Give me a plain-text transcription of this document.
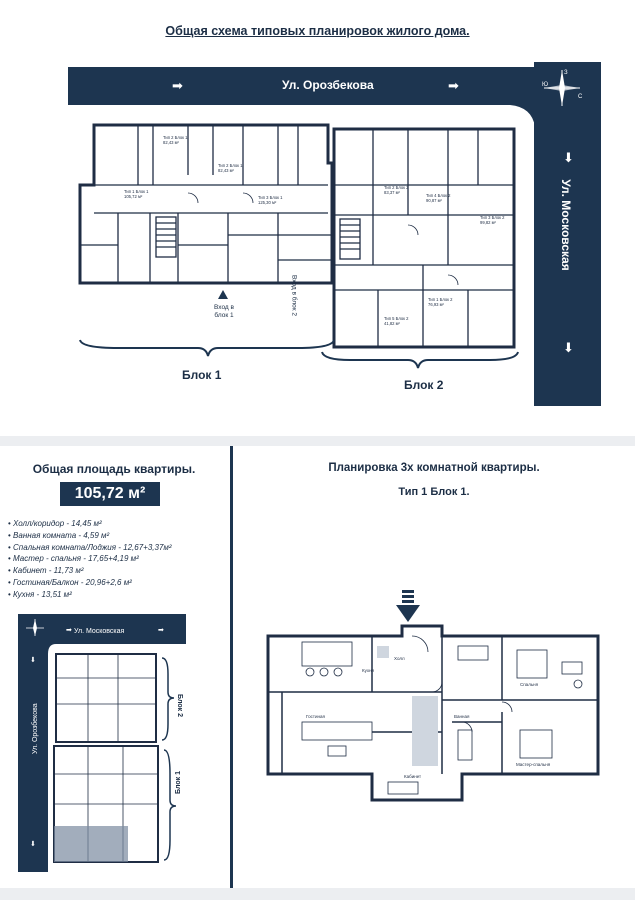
Общая схема типовых планировок жилого дома.
Ул. Орозбекова
➡	➡
Ул. Московская
⬇
⬇
З
Ю
С
Тип 2 Блок 1
82,43 м²
Тип 1 Блок 1
105,72 м²
Тип 2 Блок 1
82,43 м²
Тип 3 Блок 1
125,30 м²
Тип 2 Блок 2
83,37 м²
Тип 4 Блок 2
90,87 м²
Тип 3 Блок 2
99,82 м²
Тип 1 Блок 2
76,93 м²
Тип 5 Блок 2
41,82 м²
Вход в блок 1	Вход в блок 2
Блок 1
Блок 2
Общая площадь квартиры.
105,72 м²
• Холл/коридор - 14,45 м²
• Ванная комната - 4,59 м²
• Спальная комната/Лоджия - 12,67+3,37м²
• Мастер - спальня - 17,65+4,19 м²
• Кабинет - 11,73 м²
• Гостиная/Балкон - 20,96+2,6 м²
• Кухня - 13,51 м²
Ул. Московская
➡	➡
Ул. Орозбекова
⬇
⬇
Блок 2
Блок 1
Планировка 3х комнатной квартиры.
Тип 1 Блок 1.
Кухня
Гостиная
Холл
Спальня
Мастер-спальня
Кабинет
Ванная
